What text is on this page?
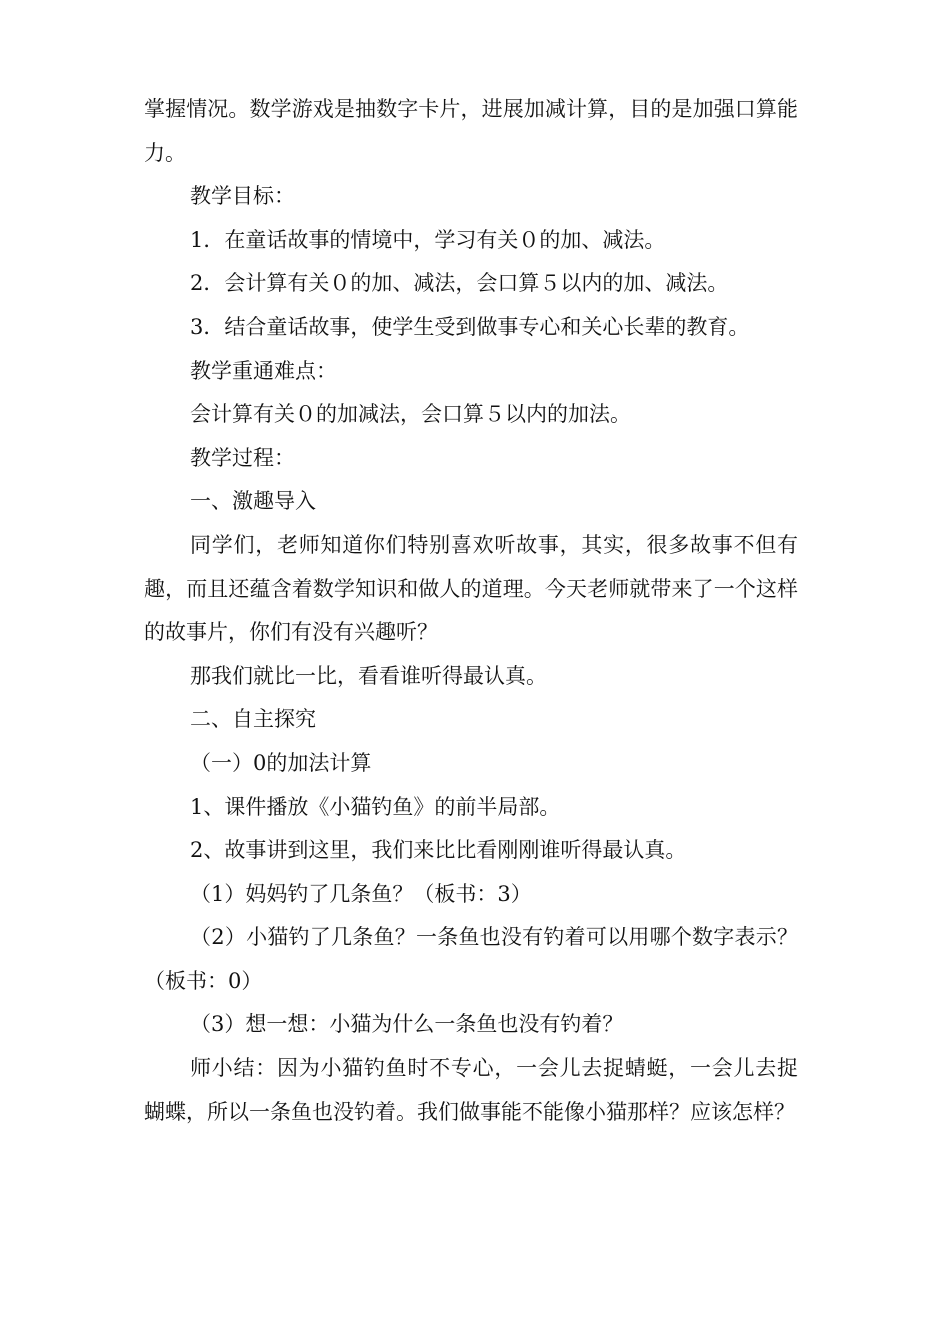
掌握情况。数学游戏是抽数字卡片，进展加减计算，目的是加强口算能力。

教学目标：

1．在童话故事的情境中，学习有关０的加、减法。

2．会计算有关０的加、减法，会口算５以内的加、减法。

3．结合童话故事，使学生受到做事专心和关心长辈的教育。

教学重通难点：

会计算有关０的加减法，会口算５以内的加法。

教学过程：

一、激趣导入

同学们，老师知道你们特别喜欢听故事，其实，很多故事不但有趣，而且还蕴含着数学知识和做人的道理。今天老师就带来了一个这样的故事片，你们有没有兴趣听？

那我们就比一比，看看谁听得最认真。

二、自主探究

（一）0的加法计算

1、课件播放《小猫钓鱼》的前半局部。

2、故事讲到这里，我们来比比看刚刚谁听得最认真。

（1）妈妈钓了几条鱼？（板书：3）

（2）小猫钓了几条鱼？一条鱼也没有钓着可以用哪个数字表示？（板书：0）

（3）想一想：小猫为什么一条鱼也没有钓着？

师小结：因为小猫钓鱼时不专心，一会儿去捉蜻蜓，一会儿去捉蝴蝶，所以一条鱼也没钓着。我们做事能不能像小猫那样？应该怎样？
